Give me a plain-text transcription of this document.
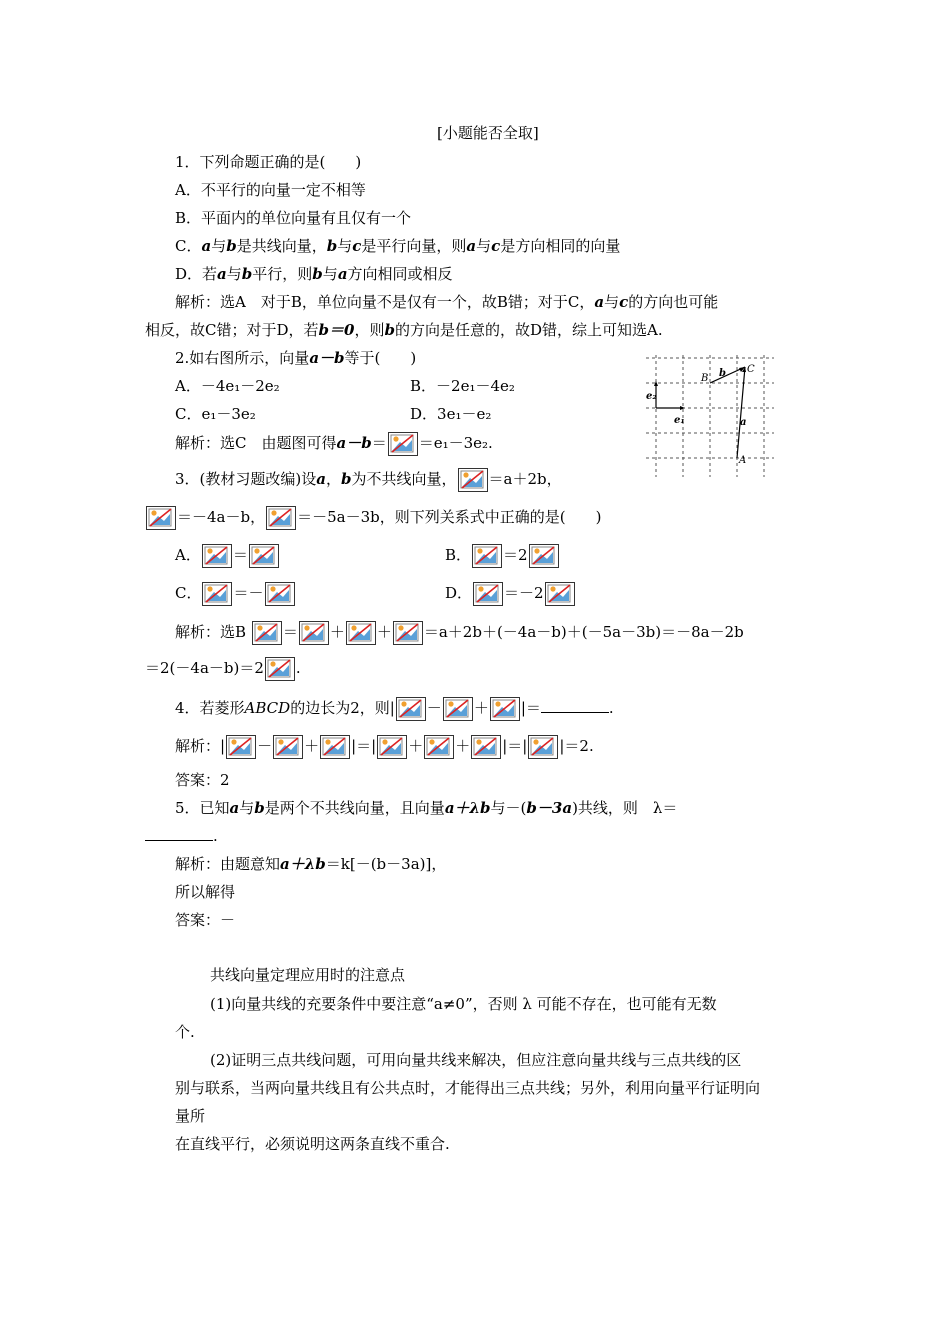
[小题能否全取]
1．下列命题正确的是(　　)
A．不平行的向量一定不相等
B．平面内的单位向量有且仅有一个
C．a与b是共线向量，b与c是平行向量，则a与c是方向相同的向量
D．若a与b平行，则b与a方向相同或相反
解析：选A　对于B，单位向量不是仅有一个，故B错；对于C，a与c的方向也可能
相反，故C错；对于D，若b＝0，则b的方向是任意的，故D错，综上可知选A.
2.如右图所示，向量a－b等于(　　)
A．－4e₁－2e₂	B．－2e₁－4e₂
C．e₁－3e₂	D．3e₁－e₂
解析：选C　由题图可得a－b＝ ＝e₁－3e₂.
B
C
A
b
a
e₁
e₂
3．(教材习题改编)设a，b为不共线向量， ＝a＋2b，
＝－4a－b， ＝－5a－3b，则下列关系式中正确的是(　　)
A． ＝	B． ＝2
C． ＝－	D． ＝－2
解析：选B ＝ ＋ ＋ ＝a＋2b＋(－4a－b)＋(－5a－3b)＝－8a－2b
＝2(－4a－b)＝2 .
4．若菱形ABCD的边长为2，则| － ＋ |＝	.
解析：| － ＋ |＝| ＋ ＋ |＝| |＝2.
答案：2
5．已知a与b是两个不共线向量，且向量a＋λb与－(b－3a)共线，则　λ＝
.
解析：由题意知a＋λb＝k[－(b－3a)]，
所以解得
答案：－
共线向量定理应用时的注意点
(1)向量共线的充要条件中要注意“a≠0”，否则 λ 可能不存在，也可能有无数
个.
(2)证明三点共线问题，可用向量共线来解决，但应注意向量共线与三点共线的区
别与联系，当两向量共线且有公共点时，才能得出三点共线；另外，利用向量平行证明向
量所
在直线平行，必须说明这两条直线不重合.
